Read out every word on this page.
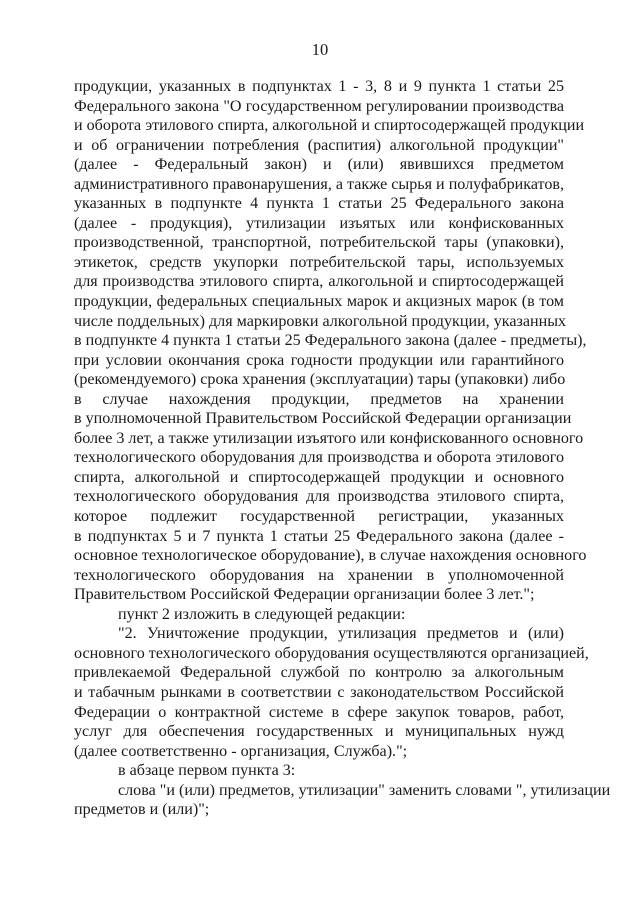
10
продукции, указанных в подпунктах 1 - 3, 8 и 9 пункта 1 статьи 25
Федерального закона "О государственном регулировании производства
и оборота этилового спирта, алкогольной и спиртосодержащей продукции
и об ограничении потребления (распития) алкогольной продукции"
(далее - Федеральный закон) и (или) явившихся предметом
административного правонарушения, а также сырья и полуфабрикатов,
указанных в подпункте 4 пункта 1 статьи 25 Федерального закона
(далее - продукция), утилизации изъятых или конфискованных
производственной, транспортной, потребительской тары (упаковки),
этикеток, средств укупорки потребительской тары, используемых
для производства этилового спирта, алкогольной и спиртосодержащей
продукции, федеральных специальных марок и акцизных марок (в том
числе поддельных) для маркировки алкогольной продукции, указанных
в подпункте 4 пункта 1 статьи 25 Федерального закона (далее - предметы),
при условии окончания срока годности продукции или гарантийного
(рекомендуемого) срока хранения (эксплуатации) тары (упаковки) либо
в случае нахождения продукции, предметов на хранении
в уполномоченной Правительством Российской Федерации организации
более 3 лет, а также утилизации изъятого или конфискованного основного
технологического оборудования для производства и оборота этилового
спирта, алкогольной и спиртосодержащей продукции и основного
технологического оборудования для производства этилового спирта,
которое подлежит государственной регистрации, указанных
в подпунктах 5 и 7 пункта 1 статьи 25 Федерального закона (далее -
основное технологическое оборудование), в случае нахождения основного
технологического оборудования на хранении в уполномоченной
Правительством Российской Федерации организации более 3 лет.";
пункт 2 изложить в следующей редакции:
"2. Уничтожение продукции, утилизация предметов и (или)
основного технологического оборудования осуществляются организацией,
привлекаемой Федеральной службой по контролю за алкогольным
и табачным рынками в соответствии с законодательством Российской
Федерации о контрактной системе в сфере закупок товаров, работ,
услуг для обеспечения государственных и муниципальных нужд
(далее соответственно - организация, Служба).";
в абзаце первом пункта 3:
слова "и (или) предметов, утилизации" заменить словами ", утилизации
предметов и (или)";
